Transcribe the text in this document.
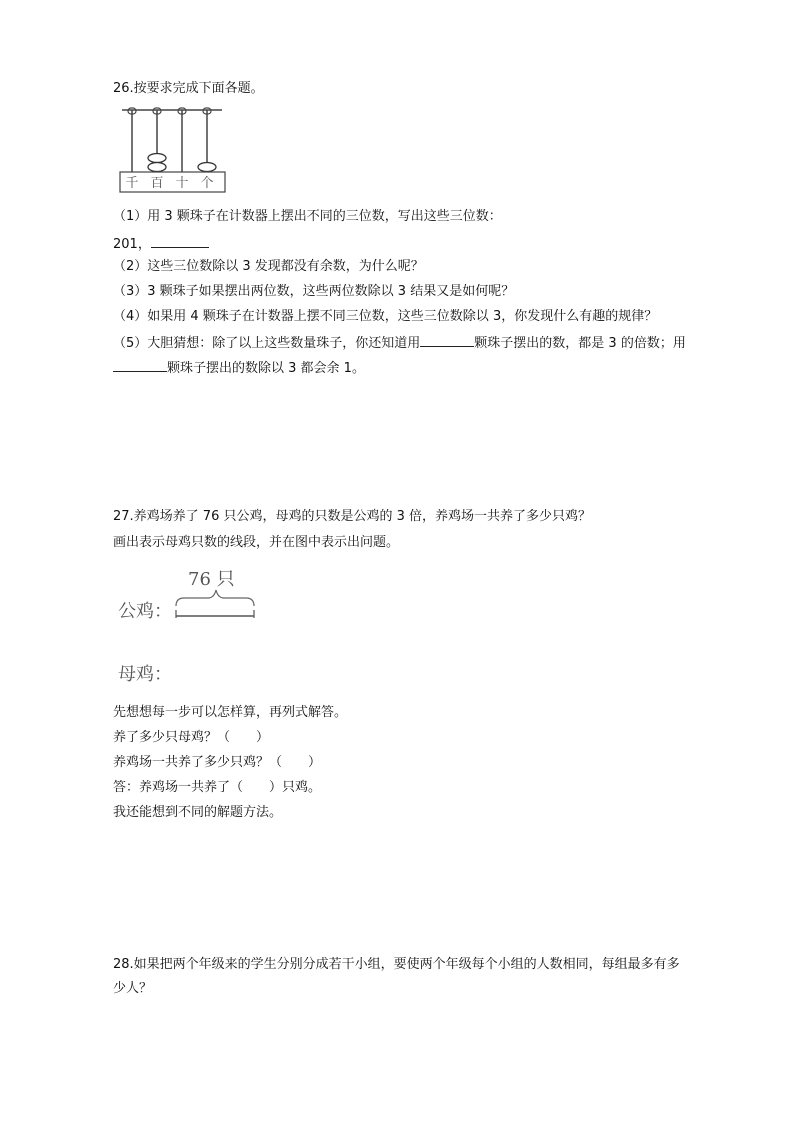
26.按要求完成下面各题。
千 百 十 个
（1）用 3 颗珠子在计数器上摆出不同的三位数，写出这些三位数：
201，
（2）这些三位数除以 3 发现都没有余数，为什么呢？
（3）3 颗珠子如果摆出两位数，这些两位数除以 3 结果又是如何呢？
（4）如果用 4 颗珠子在计数器上摆不同三位数，这些三位数除以 3，你发现什么有趣的规律？
（5）大胆猜想：除了以上这些数量珠子，你还知道用	颗珠子摆出的数，都是 3 的倍数；用
颗珠子摆出的数除以 3 都会余 1。
27.养鸡场养了 76 只公鸡，母鸡的只数是公鸡的 3 倍，养鸡场一共养了多少只鸡？
画出表示母鸡只数的线段，并在图中表示出问题。
76 只
公鸡：
母鸡：
先想想每一步可以怎样算，再列式解答。
养了多少只母鸡？（　　）
养鸡场一共养了多少只鸡？（　　）
答：养鸡场一共养了（　　）只鸡。
我还能想到不同的解题方法。
28.如果把两个年级来的学生分别分成若干小组，要使两个年级每个小组的人数相同，每组最多有多
少人？
